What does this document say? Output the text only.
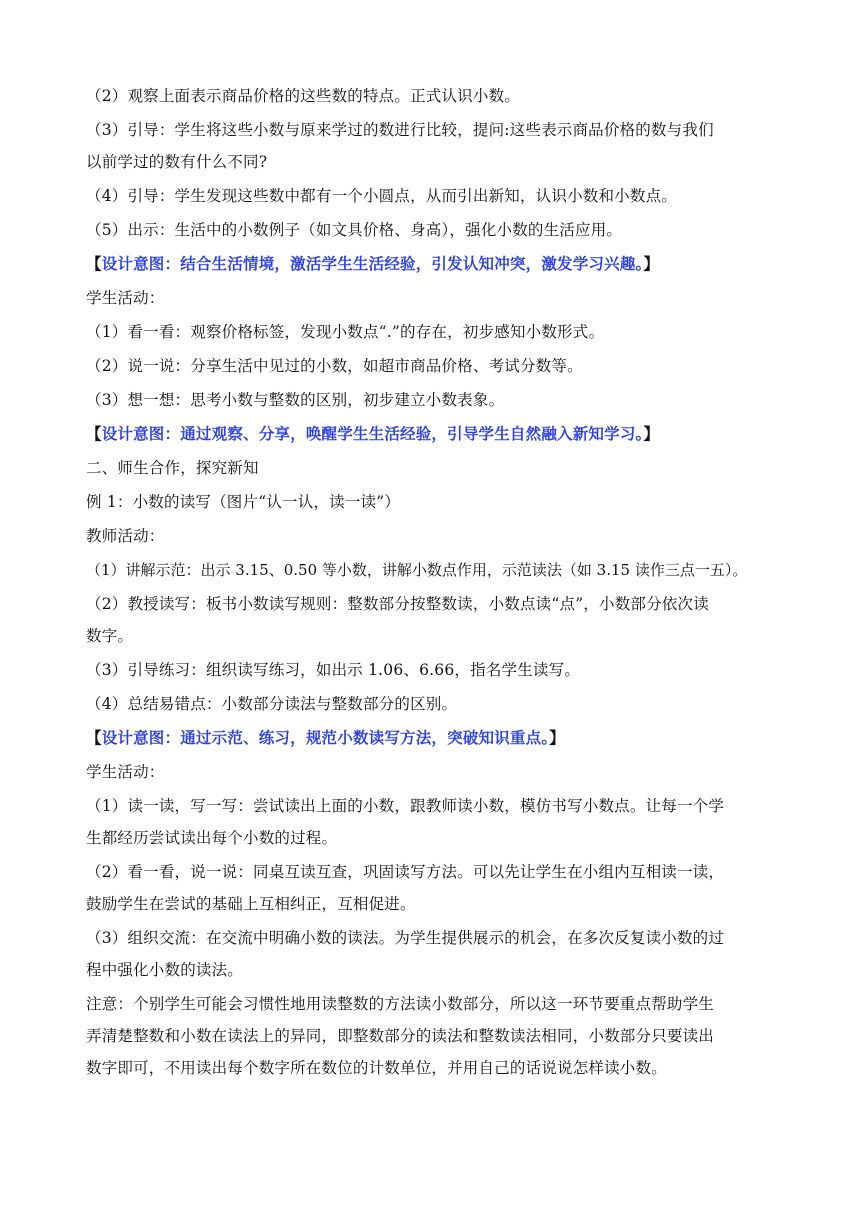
（2）观察上面表示商品价格的这些数的特点。正式认识小数。
（3）引导：学生将这些小数与原来学过的数进行比较，提问:这些表示商品价格的数与我们
以前学过的数有什么不同?
（4）引导：学生发现这些数中都有一个小圆点，从而引出新知，认识小数和小数点。
（5）出示：生活中的小数例子（如文具价格、身高），强化小数的生活应用。
【设计意图：结合生活情境，激活学生生活经验，引发认知冲突，激发学习兴趣。】
学生活动：
（1）看一看：观察价格标签，发现小数点“.”的存在，初步感知小数形式。
（2）说一说：分享生活中见过的小数，如超市商品价格、考试分数等。
（3）想一想：思考小数与整数的区别，初步建立小数表象。
【设计意图：通过观察、分享，唤醒学生生活经验，引导学生自然融入新知学习。】
二、师生合作，探究新知
例 1：小数的读写（图片“认一认，读一读”）
教师活动：
（1）讲解示范：出示 3.15、0.50 等小数，讲解小数点作用，示范读法（如 3.15 读作三点一五）。
（2）教授读写：板书小数读写规则：整数部分按整数读，小数点读“点”，小数部分依次读
数字。
（3）引导练习：组织读写练习，如出示 1.06、6.66，指名学生读写。
（4）总结易错点：小数部分读法与整数部分的区别。
【设计意图：通过示范、练习，规范小数读写方法，突破知识重点。】
学生活动：
（1）读一读，写一写：尝试读出上面的小数，跟教师读小数，模仿书写小数点。让每一个学
生都经历尝试读出每个小数的过程。
（2）看一看，说一说：同桌互读互查，巩固读写方法。可以先让学生在小组内互相读一读，
鼓励学生在尝试的基础上互相纠正，互相促进。
（3）组织交流：在交流中明确小数的读法。为学生提供展示的机会，在多次反复读小数的过
程中强化小数的读法。
注意：个别学生可能会习惯性地用读整数的方法读小数部分，所以这一环节要重点帮助学生
弄清楚整数和小数在读法上的异同，即整数部分的读法和整数读法相同，小数部分只要读出
数字即可，不用读出每个数字所在数位的计数单位，并用自己的话说说怎样读小数。
